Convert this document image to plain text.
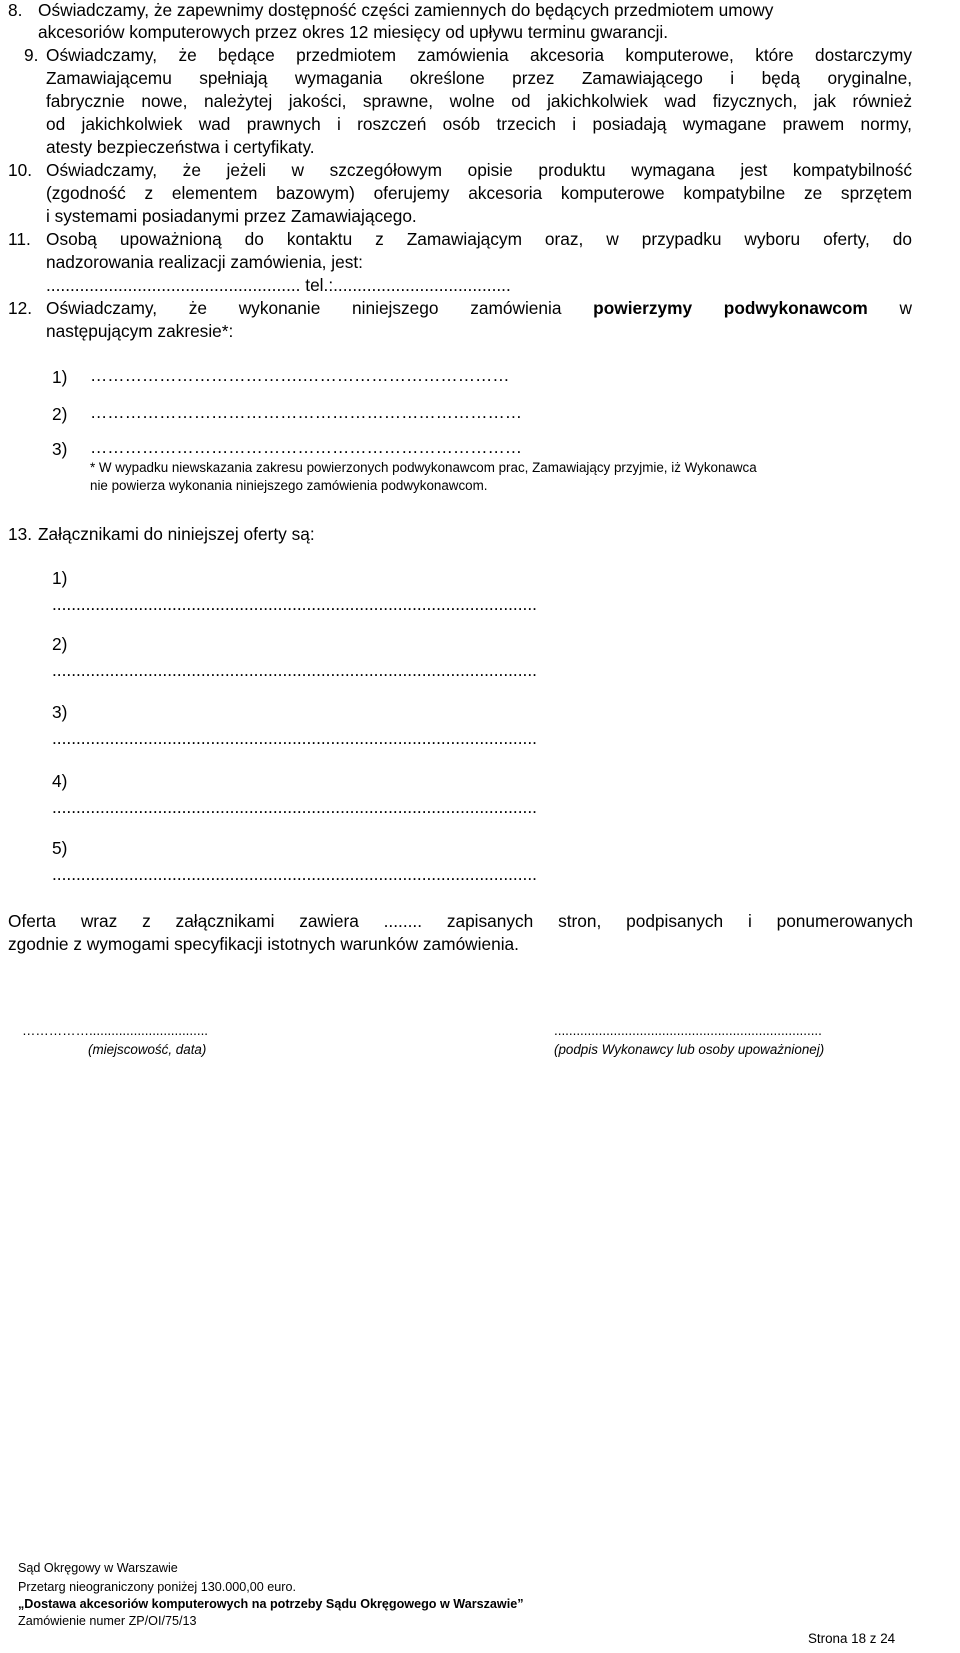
8. Oświadczamy, że zapewnimy dostępność części zamiennych do będących przedmiotem umowy
akcesoriów komputerowych przez okres 12 miesięcy od upływu terminu gwarancji.
9. Oświadczamy, że będące przedmiotem zamówienia akcesoria komputerowe, które dostarczymy
Zamawiającemu spełniają wymagania określone przez Zamawiającego i będą oryginalne,
fabrycznie nowe, należytej jakości, sprawne, wolne od jakichkolwiek wad fizycznych, jak również
od jakichkolwiek wad prawnych i roszczeń osób trzecich i posiadają wymagane prawem normy,
atesty bezpieczeństwa i certyfikaty.
10. Oświadczamy, że jeżeli w szczegółowym opisie produktu wymagana jest kompatybilność
(zgodność z elementem bazowym) oferujemy akcesoria komputerowe kompatybilne ze sprzętem
i systemami posiadanymi przez Zamawiającego.
11. Osobą upoważnioną do kontaktu z Zamawiającym oraz, w przypadku wyboru oferty, do
nadzorowania realizacji zamówienia, jest:
..................................................... tel.:.....................................
12. Oświadczamy, że wykonanie niniejszego zamówienia powierzymy podwykonawcom w
następującym zakresie*:
1) ……………………………….………………………………
2) …………………………………………………………………
3) …………………………………………………………………
* W wypadku niewskazania zakresu powierzonych podwykonawcom prac, Zamawiający przyjmie, iż Wykonawca
nie powierza wykonania niniejszego zamówienia podwykonawcom.
13. Załącznikami do niniejszej oferty są:
1)
.....................................................................................................
2)
.....................................................................................................
3)
.....................................................................................................
4)
.....................................................................................................
5)
.....................................................................................................
Oferta wraz z załącznikami zawiera ........ zapisanych stron, podpisanych i ponumerowanych
zgodnie z wymogami specyfikacji istotnych warunków zamówienia.
……………................................
(miejscowość, data)
........................................................................
(podpis Wykonawcy lub osoby upoważnionej)
Sąd Okręgowy w Warszawie
Przetarg nieograniczony poniżej 130.000,00 euro.
„Dostawa akcesoriów komputerowych na potrzeby Sądu Okręgowego w Warszawie”
Zamówienie numer ZP/OI/75/13
Strona 18 z 24
